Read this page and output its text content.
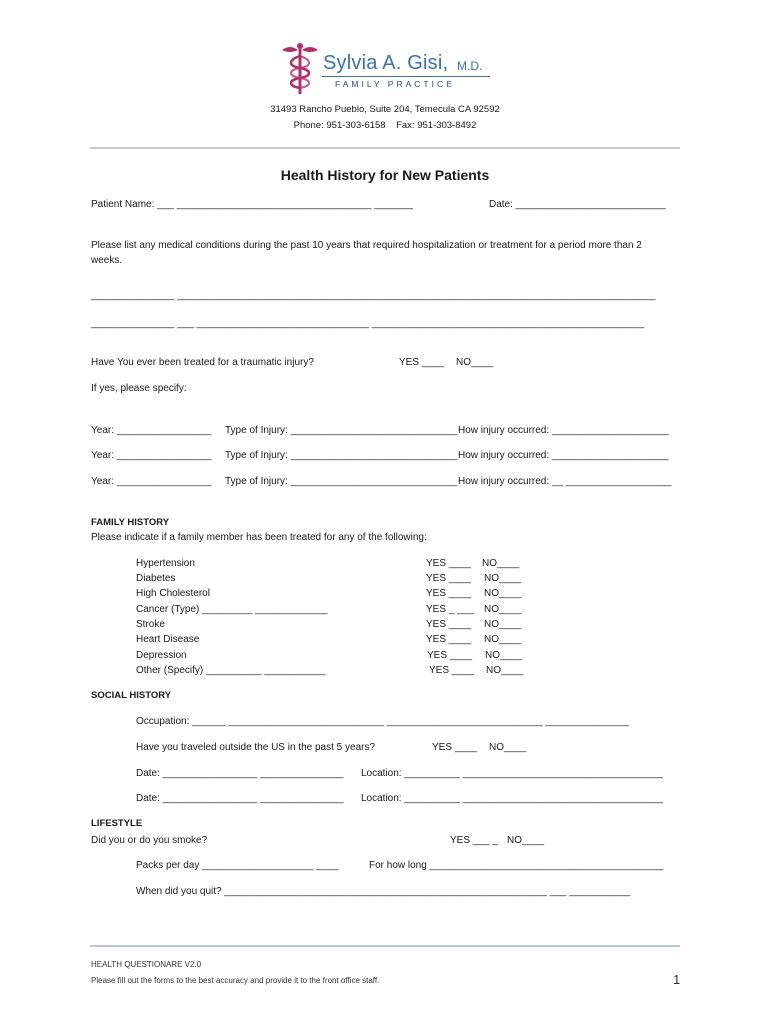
Sylvia A. Gisi, M.D.
FAMILY PRACTICE
31493 Rancho Pueblo, Suite 204, Temecula CA 92592
Phone: 951-303-6158    Fax: 951-303-8492
Health History for New Patients
Patient Name: ___ ___________________________________ _______	Date: ___________________________
Please list any medical conditions during the past 10 years that required hospitalization or treatment for a period more than 2
weeks.
_______________ ______________________________________________________________________________________
_______________ ___ _______________________________ _________________________________________________
Have You ever been treated for a traumatic injury?	YES ____ NO____
If yes, please specify:
Year: _________________ Type of Injury: ______________________________ How injury occurred: _____________________
Year: _________________ Type of Injury: ______________________________ How injury occurred: _____________________
Year: _________________ Type of Injury: ______________________________ How injury occurred: __ ___________________
FAMILY HISTORY
Please indicate if a family member has been treated for any of the following:
Hypertension	YES ____ NO____
Diabetes	YES ____ NO____
High Cholesterol	YES ____ NO____
Cancer (Type) _________ _____________	YES _ ___ NO____
Stroke	YES ____ NO____
Heart Disease	YES ____ NO____
Depression	YES ____ NO____
Other (Specify) __________ ___________	YES ____ NO____
SOCIAL HISTORY
Occupation: ______ ____________________________ ____________________________ _______________
Have you traveled outside the US in the past 5 years?	YES ____ NO____
Date: _________________ _______________ Location: __________ ____________________________________
Date: _________________ _______________ Location: __________ ____________________________________
LIFESTYLE
Did you or do you smoke?	YES ___ _ NO____
Packs per day ____________________ ____	For how long __________________________________________
When did you quit? __________________________________________________________ ___ ___________
HEALTH QUESTIONARE V2.0
Please fill out the forms to the best accuracy and provide it to the front office staff.	1
